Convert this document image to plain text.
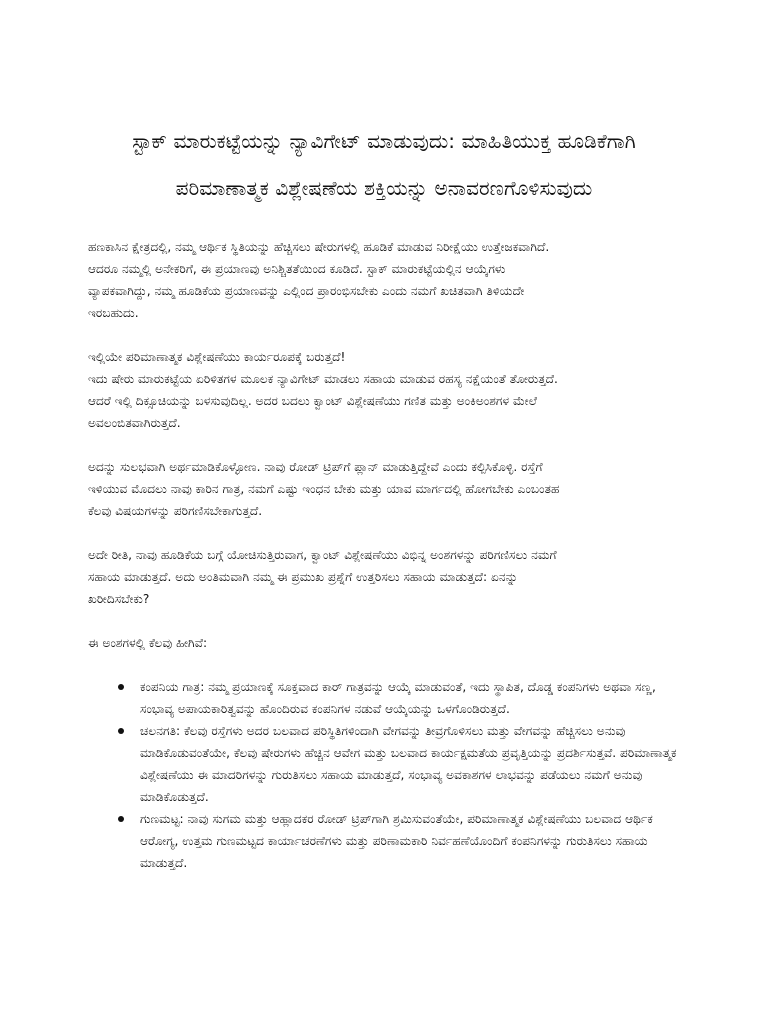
ಸ್ಟಾಕ್ ಮಾರುಕಟ್ಟೆಯನ್ನು ನ್ಯಾವಿಗೇಟ್ ಮಾಡುವುದು: ಮಾಹಿತಿಯುಕ್ತ ಹೂಡಿಕೆಗಾಗಿ ಪರಿಮಾಣಾತ್ಮಕ ವಿಶ್ಲೇಷಣೆಯ ಶಕ್ತಿಯನ್ನು ಅನಾವರಣಗೊಳಿಸುವುದು

ಹಣಕಾಸಿನ ಕ್ಷೇತ್ರದಲ್ಲಿ, ನಮ್ಮ ಆರ್ಥಿಕ ಸ್ಥಿತಿಯನ್ನು ಹೆಚ್ಚಿಸಲು ಷೇರುಗಳಲ್ಲಿ ಹೂಡಿಕೆ ಮಾಡುವ ನಿರೀಕ್ಷೆಯು ಉತ್ತೇಜಕವಾಗಿದೆ.
ಆದರೂ ನಮ್ಮಲ್ಲಿ ಅನೇಕರಿಗೆ, ಈ ಪ್ರಯಾಣವು ಅನಿಶ್ಚಿತತೆಯಿಂದ ಕೂಡಿದೆ. ಸ್ಟಾಕ್ ಮಾರುಕಟ್ಟೆಯಲ್ಲಿನ ಆಯ್ಕೆಗಳು
ವ್ಯಾಪಕವಾಗಿದ್ದು, ನಮ್ಮ ಹೂಡಿಕೆಯ ಪ್ರಯಾಣವನ್ನು ಎಲ್ಲಿಂದ ಪ್ರಾರಂಭಿಸಬೇಕು ಎಂದು ನಮಗೆ ಖಚಿತವಾಗಿ ತಿಳಿಯದೇ
ಇರಬಹುದು.

ಇಲ್ಲಿಯೇ ಪರಿಮಾಣಾತ್ಮಕ ವಿಶ್ಲೇಷಣೆಯು ಕಾರ್ಯರೂಪಕ್ಕೆ ಬರುತ್ತದೆ!
ಇದು ಷೇರು ಮಾರುಕಟ್ಟೆಯ ಏರಿಳಿತಗಳ ಮೂಲಕ ನ್ಯಾವಿಗೇಟ್ ಮಾಡಲು ಸಹಾಯ ಮಾಡುವ ರಹಸ್ಯ ನಕ್ಷೆಯಂತೆ ತೋರುತ್ತದೆ.
ಆದರೆ ಇಲ್ಲಿ ದಿಕ್ಸೂಚಿಯನ್ನು ಬಳಸುವುದಿಲ್ಲ. ಅದರ ಬದಲು ಕ್ವಾಂಟ್ ವಿಶ್ಲೇಷಣೆಯು ಗಣಿತ ಮತ್ತು ಅಂಕಿಅಂಶಗಳ ಮೇಲೆ
ಅವಲಂಬಿತವಾಗಿರುತ್ತದೆ.

ಅದನ್ನು ಸುಲಭವಾಗಿ ಅರ್ಥಮಾಡಿಕೊಳ್ಳೋಣ. ನಾವು ರೋಡ್ ಟ್ರಿಪ್‌ಗೆ ಪ್ಲಾನ್ ಮಾಡುತ್ತಿದ್ದೇವೆ ಎಂದು ಕಲ್ಪಿಸಿಕೊಳ್ಳಿ. ರಸ್ತೆಗೆ
ಇಳಿಯುವ ಮೊದಲು ನಾವು ಕಾರಿನ ಗಾತ್ರ, ನಮಗೆ ಎಷ್ಟು ಇಂಧನ ಬೇಕು ಮತ್ತು ಯಾವ ಮಾರ್ಗದಲ್ಲಿ ಹೋಗಬೇಕು ಎಂಬಂತಹ
ಕೆಲವು ವಿಷಯಗಳನ್ನು ಪರಿಗಣಿಸಬೇಕಾಗುತ್ತದೆ.

ಅದೇ ರೀತಿ, ನಾವು ಹೂಡಿಕೆಯ ಬಗ್ಗೆ ಯೋಚಿಸುತ್ತಿರುವಾಗ, ಕ್ವಾಂಟ್ ವಿಶ್ಲೇಷಣೆಯು ವಿಭಿನ್ನ ಅಂಶಗಳನ್ನು ಪರಿಗಣಿಸಲು ನಮಗೆ
ಸಹಾಯ ಮಾಡುತ್ತದೆ. ಅದು ಅಂತಿಮವಾಗಿ ನಮ್ಮ ಈ ಪ್ರಮುಖ ಪ್ರಶ್ನೆಗೆ ಉತ್ತರಿಸಲು ಸಹಾಯ ಮಾಡುತ್ತದೆ: ಏನನ್ನು
ಖರೀದಿಸಬೇಕು?

ಈ ಅಂಶಗಳಲ್ಲಿ ಕೆಲವು ಹೀಗಿವೆ:

ಕಂಪನಿಯ ಗಾತ್ರ: ನಮ್ಮ ಪ್ರಯಾಣಕ್ಕೆ ಸೂಕ್ತವಾದ ಕಾರ್ ಗಾತ್ರವನ್ನು ಆಯ್ಕೆ ಮಾಡುವಂತೆ, ಇದು ಸ್ಥಾಪಿತ, ದೊಡ್ಡ ಕಂಪನಿಗಳು ಅಥವಾ ಸಣ್ಣ, ಸಂಭಾವ್ಯ ಅಪಾಯಕಾರಿತ್ವವನ್ನು ಹೊಂದಿರುವ ಕಂಪನಿಗಳ ನಡುವೆ ಆಯ್ಕೆಯನ್ನು ಒಳಗೊಂಡಿರುತ್ತದೆ.
ಚಲನಗತಿ: ಕೆಲವು ರಸ್ತೆಗಳು ಅದರ ಬಲವಾದ ಪರಿಸ್ಥಿತಿಗಳಿಂದಾಗಿ ವೇಗವನ್ನು ತೀವ್ರಗೊಳಿಸಲು ಮತ್ತು ವೇಗವನ್ನು ಹೆಚ್ಚಿಸಲು ಅನುವು ಮಾಡಿಕೊಡುವಂತೆಯೇ, ಕೆಲವು ಷೇರುಗಳು ಹೆಚ್ಚಿನ ಆವೇಗ ಮತ್ತು ಬಲವಾದ ಕಾರ್ಯಕ್ಷಮತೆಯ ಪ್ರವೃತ್ತಿಯನ್ನು ಪ್ರದರ್ಶಿಸುತ್ತವೆ. ಪರಿಮಾಣಾತ್ಮಕ ವಿಶ್ಲೇಷಣೆಯು ಈ ಮಾದರಿಗಳನ್ನು ಗುರುತಿಸಲು ಸಹಾಯ ಮಾಡುತ್ತದೆ, ಸಂಭಾವ್ಯ ಅವಕಾಶಗಳ ಲಾಭವನ್ನು ಪಡೆಯಲು ನಮಗೆ ಅನುವು ಮಾಡಿಕೊಡುತ್ತದೆ.
ಗುಣಮಟ್ಟ: ನಾವು ಸುಗಮ ಮತ್ತು ಆಹ್ಲಾದಕರ ರೋಡ್ ಟ್ರಿಪ್‌ಗಾಗಿ ಶ್ರಮಿಸುವಂತೆಯೇ, ಪರಿಮಾಣಾತ್ಮಕ ವಿಶ್ಲೇಷಣೆಯು ಬಲವಾದ ಆರ್ಥಿಕ ಆರೋಗ್ಯ, ಉತ್ತಮ ಗುಣಮಟ್ಟದ ಕಾರ್ಯಾಚರಣೆಗಳು ಮತ್ತು ಪರಿಣಾಮಕಾರಿ ನಿರ್ವಹಣೆಯೊಂದಿಗೆ ಕಂಪನಿಗಳನ್ನು ಗುರುತಿಸಲು ಸಹಾಯ ಮಾಡುತ್ತದೆ.
